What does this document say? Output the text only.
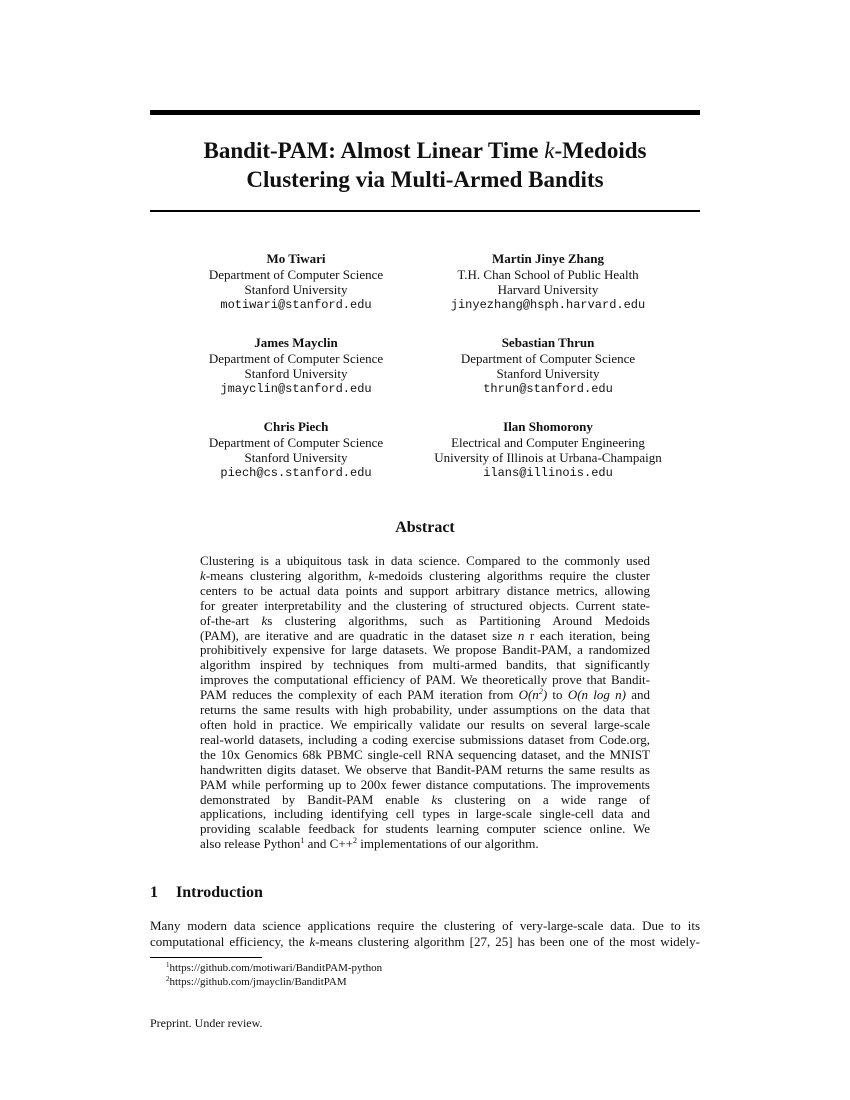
Bandit-PAM: Almost Linear Time k-Medoids
Clustering via Multi-Armed Bandits
Mo Tiwari
Department of Computer Science
Stanford University
motiwari@stanford.edu
Martin Jinye Zhang
T.H. Chan School of Public Health
Harvard University
jinyezhang@hsph.harvard.edu
James Mayclin
Department of Computer Science
Stanford University
jmayclin@stanford.edu
Sebastian Thrun
Department of Computer Science
Stanford University
thrun@stanford.edu
Chris Piech
Department of Computer Science
Stanford University
piech@cs.stanford.edu
Ilan Shomorony
Electrical and Computer Engineering
University of Illinois at Urbana-Champaign
ilans@illinois.edu
Abstract

Clustering is a ubiquitous task in data science. Compared to the commonly used
k-means clustering algorithm, k-medoids clustering algorithms require the cluster
centers to be actual data points and support arbitrary distance metrics, allowing
for greater interpretability and the clustering of structured objects. Current state-
of-the-art ks clustering algorithms, such as Partitioning Around Medoids
(PAM), are iterative and are quadratic in the dataset size n r each iteration, being
prohibitively expensive for large datasets. We propose Bandit-PAM, a randomized
algorithm inspired by techniques from multi-armed bandits, that significantly
improves the computational efficiency of PAM. We theoretically prove that Bandit-
PAM reduces the complexity of each PAM iteration from $O(n^2)$ to O(n log n) and
returns the same results with high probability, under assumptions on the data that
often hold in practice. We empirically validate our results on several large-scale
real-world datasets, including a coding exercise submissions dataset from Code.org,
the 10x Genomics 68k PBMC single-cell RNA sequencing dataset, and the MNIST
handwritten digits dataset. We observe that Bandit-PAM returns the same results as
PAM while performing up to 200x fewer distance computations. The improvements
demonstrated by Bandit-PAM enable ks clustering on a wide range of
applications, including identifying cell types in large-scale single-cell data and
providing scalable feedback for students learning computer science online. We
also release Python$^1$ and C++$^2$ implementations of our algorithm.

1 Introduction

Many modern data science applications require the clustering of very-large-scale data. Due to its
computational efficiency, the k-means clustering algorithm [27, 25] has been one of the most widely-

$^1$https://github.com/motiwari/BanditPAM-python

$^2$https://github.com/jmayclin/BanditPAM

Preprint. Under review.
